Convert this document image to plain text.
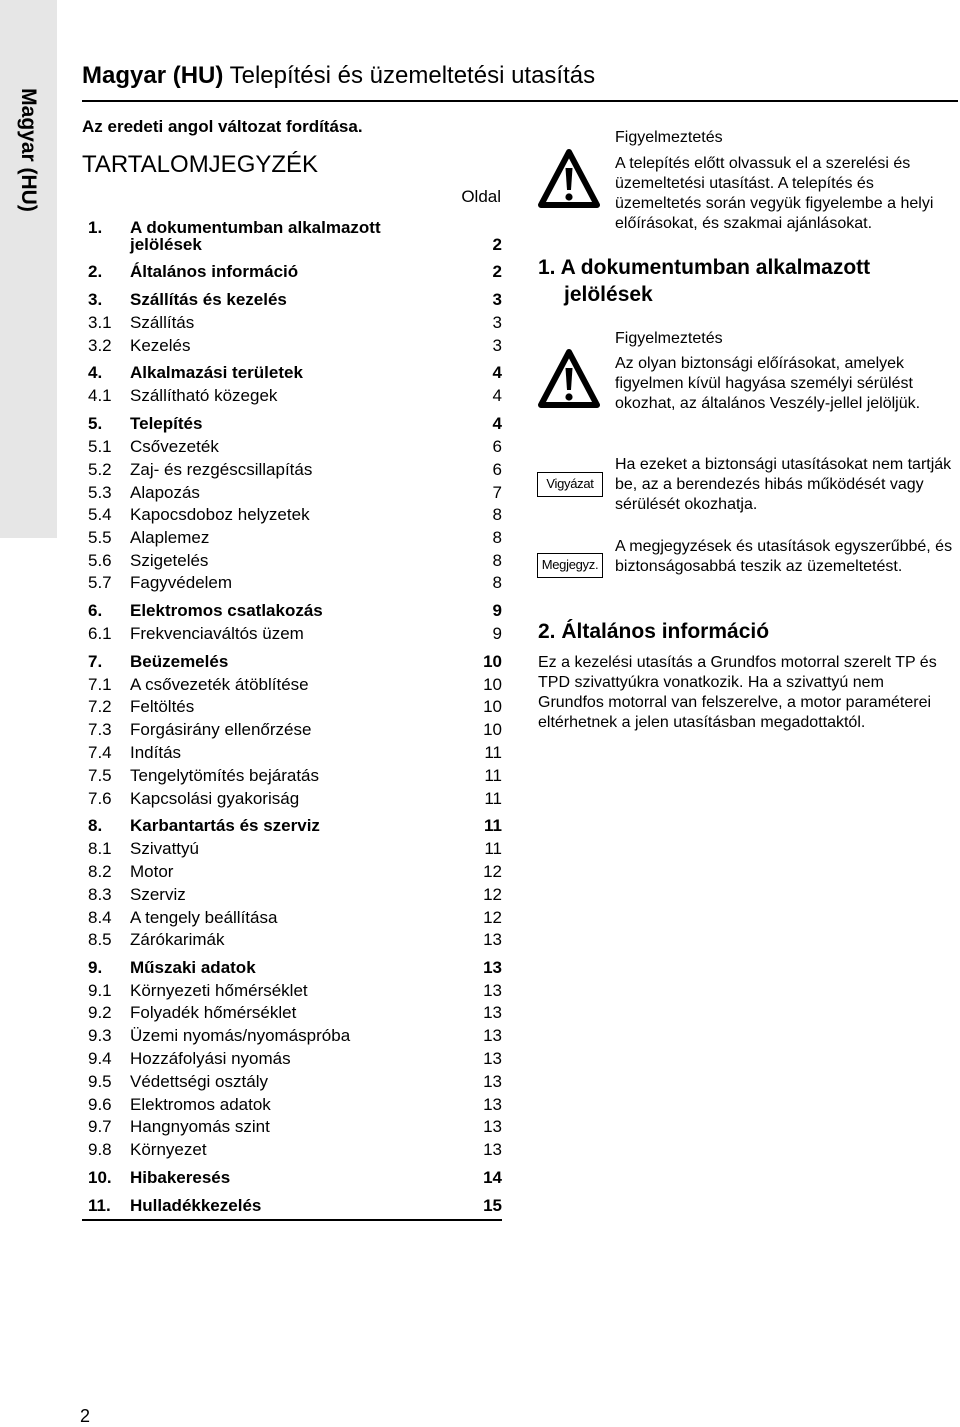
Magyar (HU)
Magyar (HU) Telepítési és üzemeltetési utasítás
Az eredeti angol változat fordítása.
TARTALOMJEGYZÉK
Oldal
1. A dokumentumban alkalmazott jelölések	2
2. Általános információ	2
3. Szállítás és kezelés	3
3.1 Szállítás	3
3.2 Kezelés	3
4. Alkalmazási területek	4
4.1 Szállítható közegek	4
5. Telepítés	4
5.1 Csővezeték	6
5.2 Zaj- és rezgéscsillapítás	6
5.3 Alapozás	7
5.4 Kapocsdoboz helyzetek	8
5.5 Alaplemez	8
5.6 Szigetelés	8
5.7 Fagyvédelem	8
6. Elektromos csatlakozás	9
6.1 Frekvenciaváltós üzem	9
7. Beüzemelés	10
7.1 A csővezeték átöblítése	10
7.2 Feltöltés	10
7.3 Forgásirány ellenőrzése	10
7.4 Indítás	11
7.5 Tengelytömítés bejáratás	11
7.6 Kapcsolási gyakoriság	11
8. Karbantartás és szerviz	11
8.1 Szivattyú	11
8.2 Motor	12
8.3 Szerviz	12
8.4 A tengely beállítása	12
8.5 Zárókarimák	13
9. Műszaki adatok	13
9.1 Környezeti hőmérséklet	13
9.2 Folyadék hőmérséklet	13
9.3 Üzemi nyomás/nyomáspróba	13
9.4 Hozzáfolyási nyomás	13
9.5 Védettségi osztály	13
9.6 Elektromos adatok	13
9.7 Hangnyomás szint	13
9.8 Környezet	13
10. Hibakeresés	14
11. Hulladékkezelés	15
Figyelmeztetés
A telepítés előtt olvassuk el a szerelési és üzemeltetési utasítást. A telepítés és üzemeltetés során vegyük figyelembe a helyi előírásokat, és szakmai ajánlásokat.
1. A dokumentumban alkalmazott
jelölések
Figyelmeztetés
Az olyan biztonsági előírásokat, amelyek figyelmen kívül hagyása személyi sérülést okozhat, az általános Veszély-jellel jelöljük.
Vigyázat
Ha ezeket a biztonsági utasításokat nem tartják be, az a berendezés hibás működését vagy sérülését okozhatja.
Megjegyz.
A megjegyzések és utasítások egyszerűbbé, és biztonságosabbá teszik az üzemeltetést.
2. Általános információ
Ez a kezelési utasítás a Grundfos motorral szerelt TP és TPD szivattyúkra vonatkozik. Ha a szivattyú nem Grundfos motorral van felszerelve, a motor paraméterei eltérhetnek a jelen utasításban megadottaktól.
2
